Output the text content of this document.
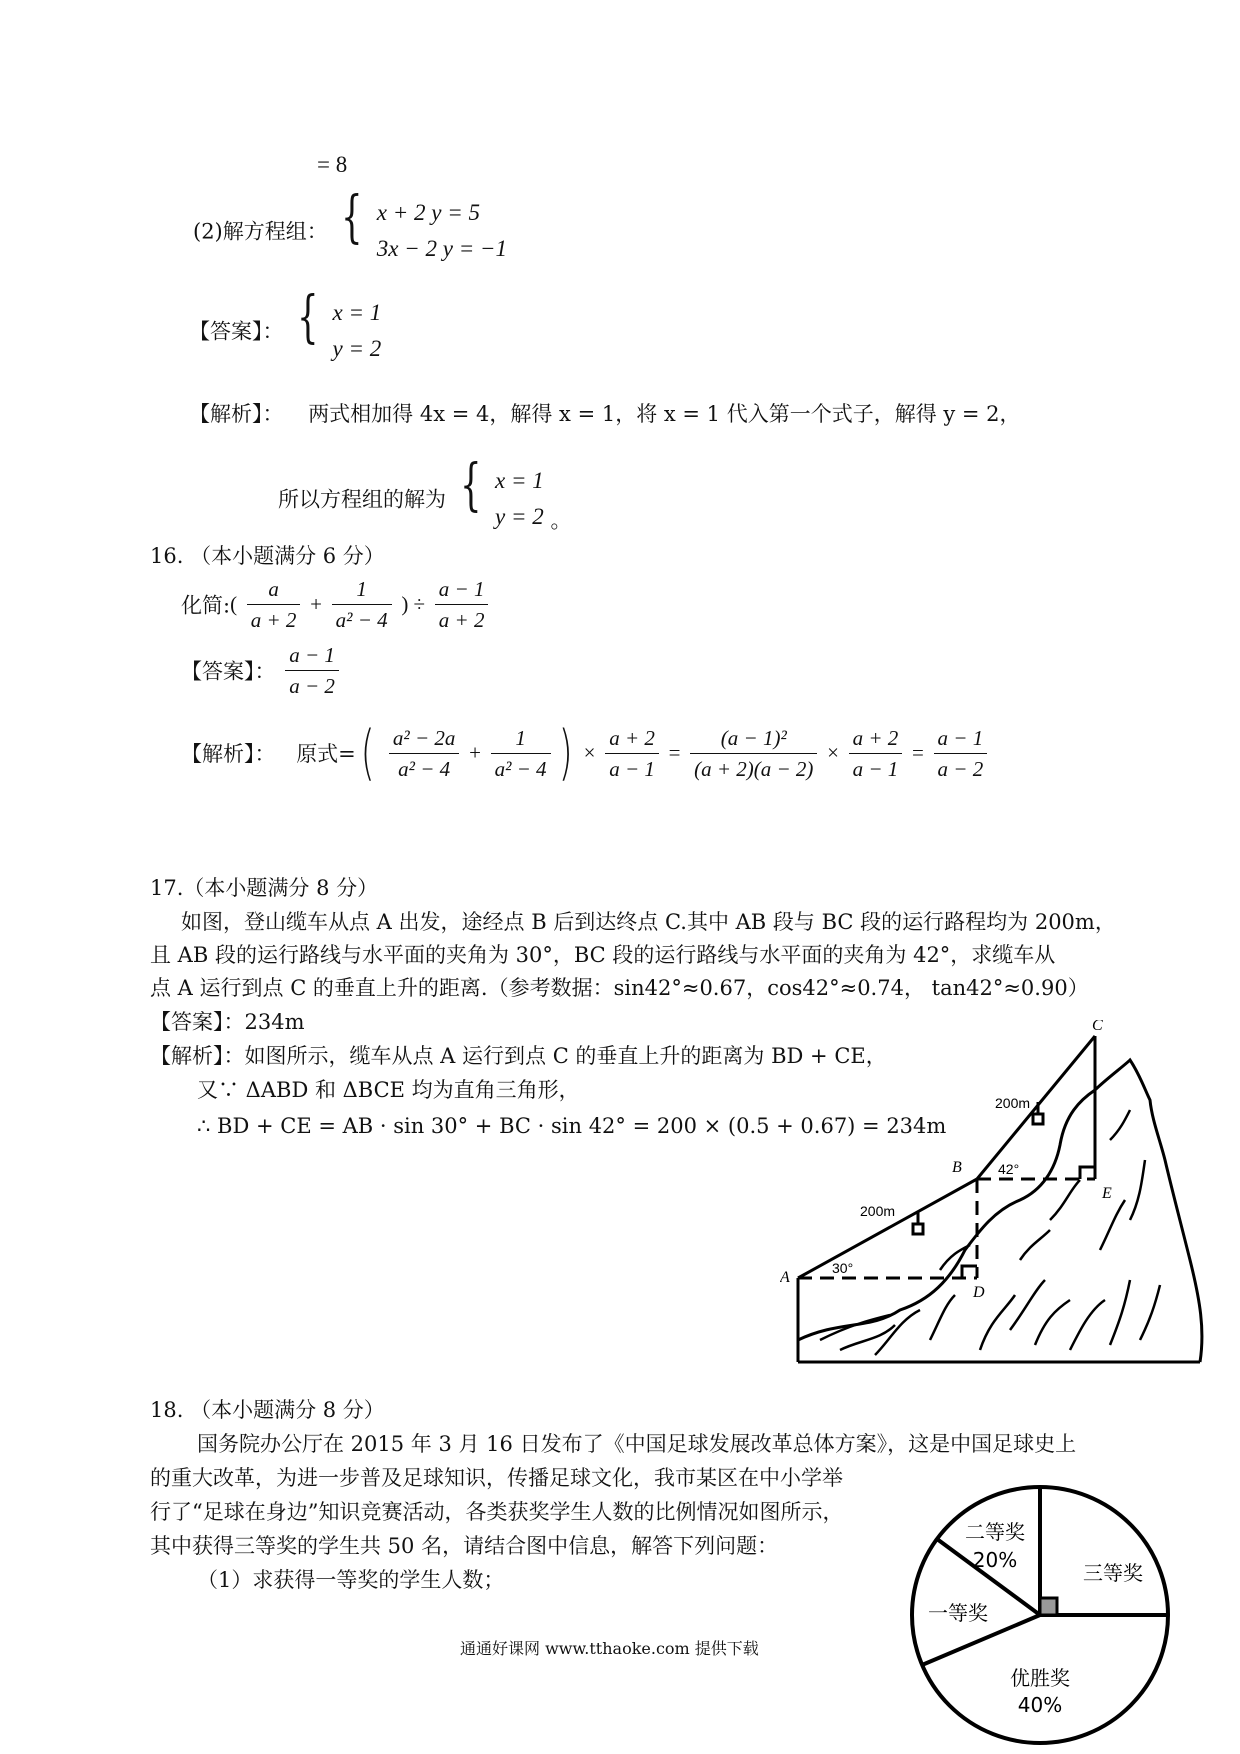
= 8
(2)解方程组： { x + 2 y = 5
3x − 2 y = −1
【答案】： { x = 1
y = 2
【解析】： 两式相加得 4x = 4，解得 x = 1，将 x = 1 代入第一个式子，解得 y = 2，
所以方程组的解为 { x = 1
y = 2 。
16. （本小题满分 6 分）
化简:( $\frac{a}{a + 2} + \frac{1}{\text{a² − 4}}$ ) ÷ $\frac{a - 1}{a + 2}$
【答案】： $\frac{a - 1}{a - 2}$
【解析】： 原式=( $\frac{\text{a² − 2a}}{\text{a² − 4}} + \frac{1}{\text{a² − 4}}$ ) × $\frac{a + 2}{a - 1} = \frac{\text{(a − 1)²}}{(a + 2)(a - 2)} \times \frac{a + 2}{a - 1} = \frac{a - 1}{a - 2}$
17.（本小题满分 8 分）
如图，登山缆车从点 A 出发，途经点 B 后到达终点 C.其中 AB 段与 BC 段的运行路程均为 200m，
且 AB 段的运行路线与水平面的夹角为 30°，BC 段的运行路线与水平面的夹角为 42°，求缆车从
点 A 运行到点 C 的垂直上升的距离.（参考数据：sin42°≈0.67，cos42°≈0.74， tan42°≈0.90）
【答案】：234m
【解析】：如图所示，缆车从点 A 运行到点 C 的垂直上升的距离为 BD + CE，
又∵ ΔABD 和 ΔBCE 均为直角三角形，
∴ BD + CE = AB · sin 30° + BC · sin 42° = 200 × (0.5 + 0.67) = 234m
A
B
C
D
E
200m
200m
30°
42°
18. （本小题满分 8 分）
国务院办公厅在 2015 年 3 月 16 日发布了《中国足球发展改革总体方案》，这是中国足球史上
的重大改革，为进一步普及足球知识，传播足球文化，我市某区在中小学举
行了“足球在身边”知识竞赛活动，各类获奖学生人数的比例情况如图所示，
其中获得三等奖的学生共 50 名，请结合图中信息，解答下列问题：
（1）求获得一等奖的学生人数；
二等奖
20%
三等奖
一等奖
优胜奖
40%
通通好课网 www.tthaoke.com 提供下载
